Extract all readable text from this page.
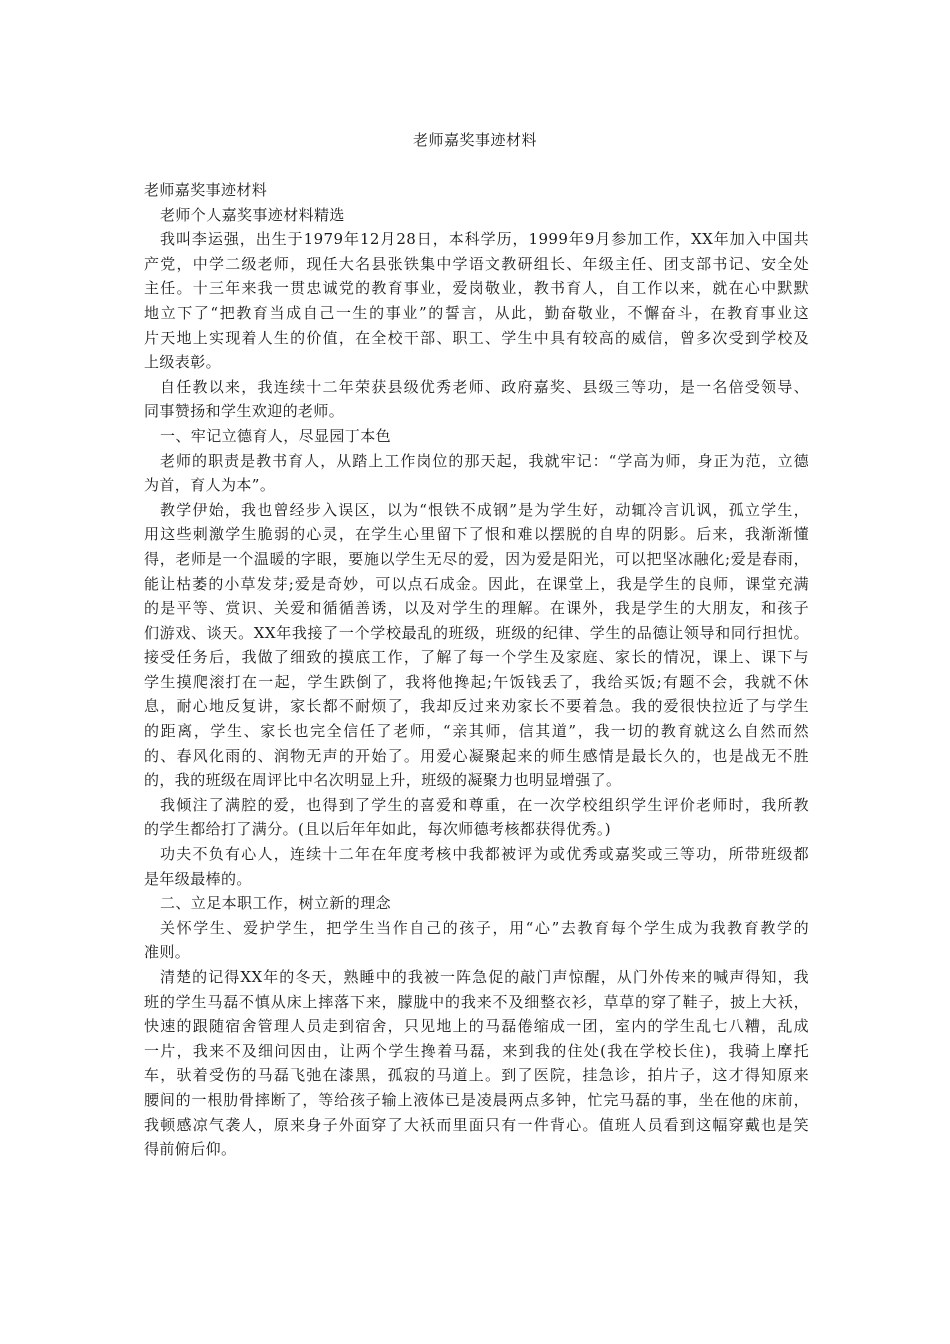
老师嘉奖事迹材料
老师嘉奖事迹材料
老师个人嘉奖事迹材料精选
我叫李运强，出生于1979年12月28日，本科学历，1999年9月参加工作，XX年加入中国共
产党，中学二级老师，现任大名县张铁集中学语文教研组长、年级主任、团支部书记、安全处
主任。十三年来我一贯忠诚党的教育事业，爱岗敬业，教书育人，自工作以来，就在心中默默
地立下了“把教育当成自己一生的事业”的誓言，从此，勤奋敬业，不懈奋斗，在教育事业这
片天地上实现着人生的价值，在全校干部、职工、学生中具有较高的威信，曾多次受到学校及
上级表彰。
自任教以来，我连续十二年荣获县级优秀老师、政府嘉奖、县级三等功，是一名倍受领导、
同事赞扬和学生欢迎的老师。
一、牢记立德育人，尽显园丁本色
老师的职责是教书育人，从踏上工作岗位的那天起，我就牢记：“学高为师，身正为范，立德
为首，育人为本”。
教学伊始，我也曾经步入误区，以为“恨铁不成钢”是为学生好，动辄冷言讥讽，孤立学生，
用这些刺激学生脆弱的心灵，在学生心里留下了恨和难以摆脱的自卑的阴影。后来，我渐渐懂
得，老师是一个温暖的字眼，要施以学生无尽的爱，因为爱是阳光，可以把坚冰融化;爱是春雨，
能让枯萎的小草发芽;爱是奇妙，可以点石成金。因此，在课堂上，我是学生的良师，课堂充满
的是平等、赏识、关爱和循循善诱，以及对学生的理解。在课外，我是学生的大朋友，和孩子
们游戏、谈天。XX年我接了一个学校最乱的班级，班级的纪律、学生的品德让领导和同行担忧。
接受任务后，我做了细致的摸底工作，了解了每一个学生及家庭、家长的情况，课上、课下与
学生摸爬滚打在一起，学生跌倒了，我将他搀起;午饭钱丢了，我给买饭;有题不会，我就不休
息，耐心地反复讲，家长都不耐烦了，我却反过来劝家长不要着急。我的爱很快拉近了与学生
的距离，学生、家长也完全信任了老师，“亲其师，信其道”，我一切的教育就这么自然而然
的、春风化雨的、润物无声的开始了。用爱心凝聚起来的师生感情是最长久的，也是战无不胜
的，我的班级在周评比中名次明显上升，班级的凝聚力也明显增强了。
我倾注了满腔的爱，也得到了学生的喜爱和尊重，在一次学校组织学生评价老师时，我所教
的学生都给打了满分。(且以后年年如此，每次师德考核都获得优秀。)
功夫不负有心人，连续十二年在年度考核中我都被评为或优秀或嘉奖或三等功，所带班级都
是年级最棒的。
二、立足本职工作，树立新的理念
关怀学生、爱护学生，把学生当作自己的孩子，用“心”去教育每个学生成为我教育教学的
准则。
清楚的记得XX年的冬天，熟睡中的我被一阵急促的敲门声惊醒，从门外传来的喊声得知，我
班的学生马磊不慎从床上摔落下来，朦胧中的我来不及细整衣衫，草草的穿了鞋子，披上大袄，
快速的跟随宿舍管理人员走到宿舍，只见地上的马磊倦缩成一团，室内的学生乱七八糟，乱成
一片，我来不及细问因由，让两个学生搀着马磊，来到我的住处(我在学校长住)，我骑上摩托
车，驮着受伤的马磊飞弛在漆黑，孤寂的马道上。到了医院，挂急诊，拍片子，这才得知原来
腰间的一根肋骨摔断了，等给孩子输上液体已是凌晨两点多钟，忙完马磊的事，坐在他的床前，
我顿感凉气袭人，原来身子外面穿了大袄而里面只有一件背心。值班人员看到这幅穿戴也是笑
得前俯后仰。
